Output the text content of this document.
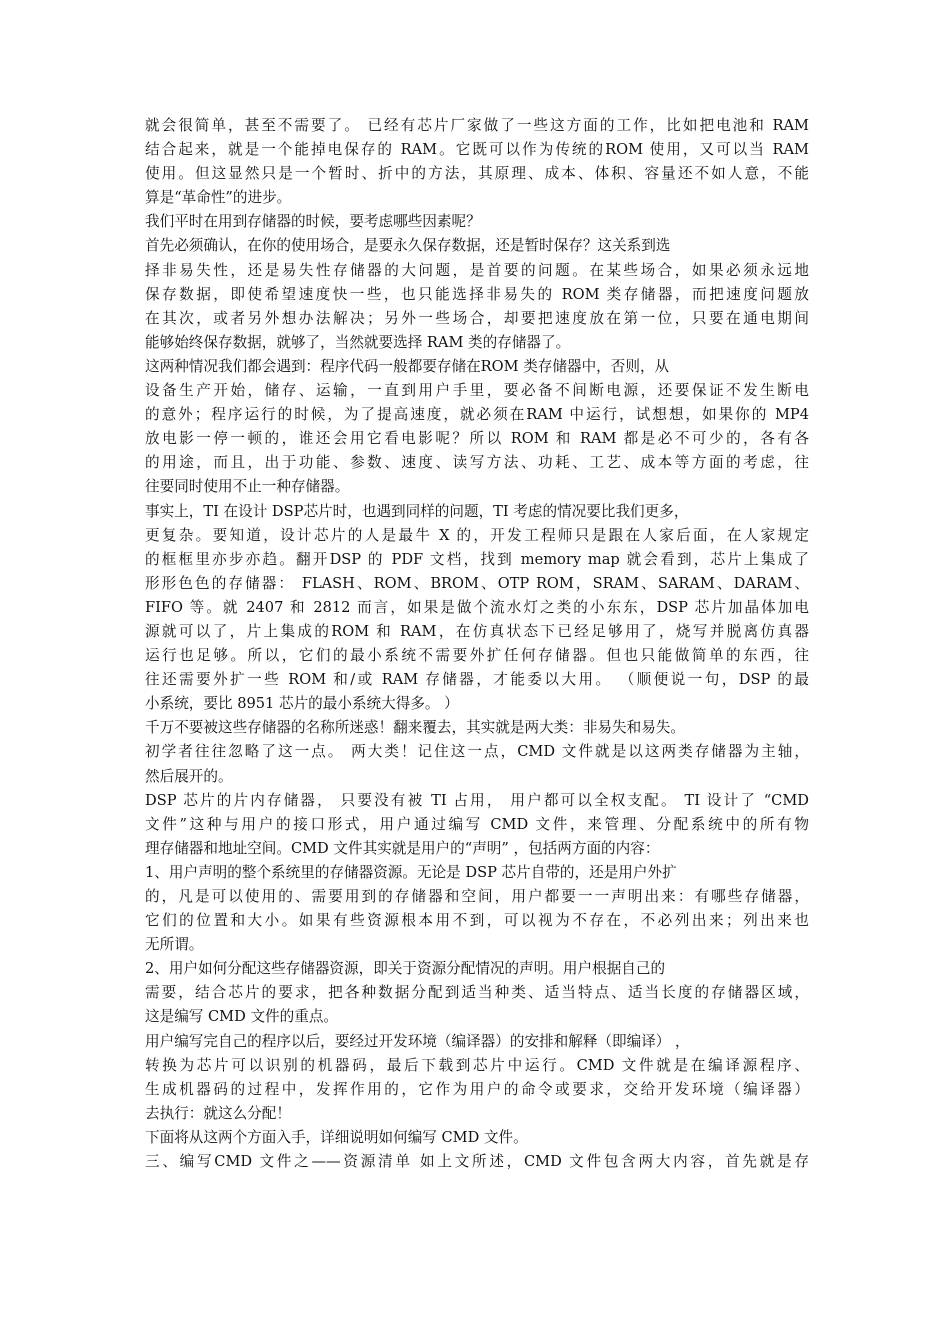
就会很简单，甚至不需要了。 已经有芯片厂家做了一些这方面的工作，比如把电池和 RAM
结合起来，就是一个能掉电保存的 RAM。它既可以作为传统的ROM 使用，又可以当 RAM
使用。但这显然只是一个暂时、折中的方法，其原理、成本、体积、容量还不如人意，不能
算是“革命性”的进步。
我们平时在用到存储器的时候，要考虑哪些因素呢？
首先必须确认，在你的使用场合，是要永久保存数据，还是暂时保存？这关系到选
择非易失性，还是易失性存储器的大问题，是首要的问题。在某些场合，如果必须永远地
保存数据，即使希望速度快一些，也只能选择非易失的 ROM 类存储器，而把速度问题放
在其次，或者另外想办法解决；另外一些场合，却要把速度放在第一位，只要在通电期间
能够始终保存数据，就够了，当然就要选择 RAM 类的存储器了。
这两种情况我们都会遇到：程序代码一般都要存储在ROM 类存储器中，否则，从
设备生产开始，储存、运输，一直到用户手里，要必备不间断电源，还要保证不发生断电
的意外；程序运行的时候，为了提高速度，就必须在RAM 中运行，试想想，如果你的 MP4
放电影一停一顿的，谁还会用它看电影呢？所以 ROM 和 RAM 都是必不可少的，各有各
的用途，而且，出于功能、参数、速度、读写方法、功耗、工艺、成本等方面的考虑，往
往要同时使用不止一种存储器。
事实上，TI 在设计 DSP芯片时，也遇到同样的问题，TI 考虑的情况要比我们更多，
更复杂。要知道，设计芯片的人是最牛 X 的，开发工程师只是跟在人家后面，在人家规定
的框框里亦步亦趋。翻开DSP 的 PDF 文档，找到 memory map 就会看到，芯片上集成了
形形色色的存储器： FLASH、ROM、BROM、OTP ROM，SRAM、SARAM、DARAM、
FIFO 等。就 2407 和 2812 而言，如果是做个流水灯之类的小东东，DSP 芯片加晶体加电
源就可以了，片上集成的ROM 和 RAM，在仿真状态下已经足够用了，烧写并脱离仿真器
运行也足够。所以，它们的最小系统不需要外扩任何存储器。但也只能做简单的东西，往
往还需要外扩一些 ROM 和/或 RAM 存储器，才能委以大用。 （顺便说一句，DSP 的最
小系统，要比 8951 芯片的最小系统大得多。 ）
千万不要被这些存储器的名称所迷惑！翻来覆去，其实就是两大类：非易失和易失。
初学者往往忽略了这一点。 两大类！记住这一点，CMD 文件就是以这两类存储器为主轴，
然后展开的。
DSP 芯片的片内存储器， 只要没有被 TI 占用， 用户都可以全权支配。 TI 设计了 “CMD
文件”这种与用户的接口形式，用户通过编写 CMD 文件，来管理、分配系统中的所有物
理存储器和地址空间。CMD 文件其实就是用户的“声明” ，包括两方面的内容：
1、用户声明的整个系统里的存储器资源。无论是 DSP 芯片自带的，还是用户外扩
的，凡是可以使用的、需要用到的存储器和空间，用户都要一一声明出来：有哪些存储器，
它们的位置和大小。如果有些资源根本用不到，可以视为不存在，不必列出来；列出来也
无所谓。
2、用户如何分配这些存储器资源，即关于资源分配情况的声明。用户根据自己的
需要，结合芯片的要求，把各种数据分配到适当种类、适当特点、适当长度的存储器区域，
这是编写 CMD 文件的重点。
用户编写完自己的程序以后，要经过开发环境（编译器）的安排和解释（即编译） ，
转换为芯片可以识别的机器码，最后下载到芯片中运行。CMD 文件就是在编译源程序、
生成机器码的过程中，发挥作用的，它作为用户的命令或要求，交给开发环境（编译器）
去执行：就这么分配！
下面将从这两个方面入手，详细说明如何编写 CMD 文件。
三、编写CMD 文件之——资源清单 如上文所述，CMD 文件包含两大内容，首先就是存
